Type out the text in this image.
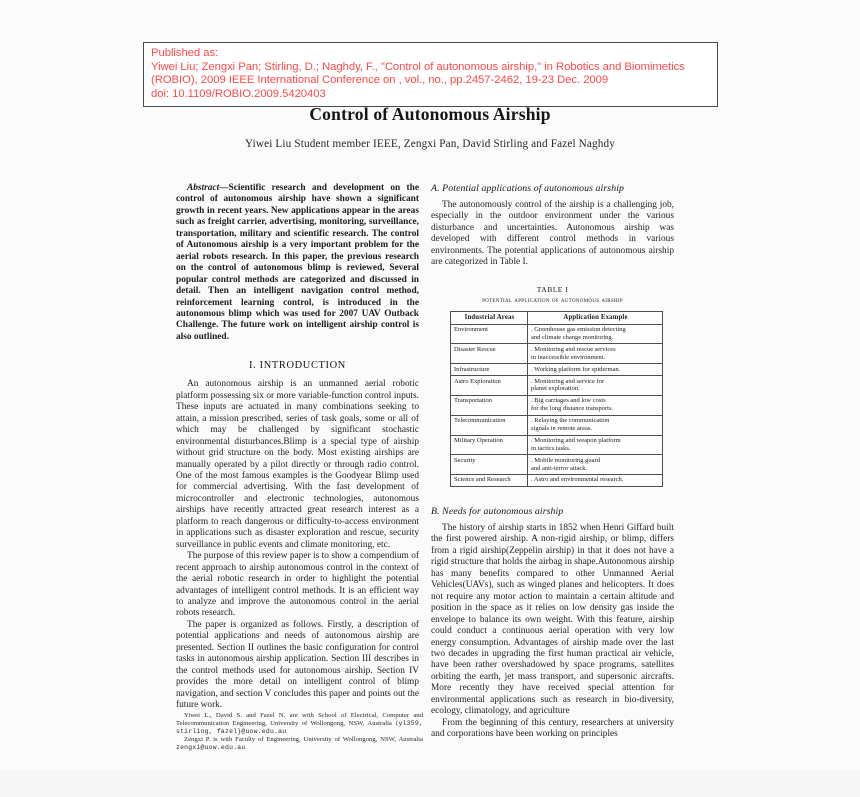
Published as:
Yiwei Liu; Zengxi Pan; Stirling, D.; Naghdy, F., "Control of autonomous airship," in Robotics and Biomimetics
(ROBIO), 2009 IEEE International Conference on , vol., no., pp.2457-2462, 19-23 Dec. 2009
doi: 10.1109/ROBIO.2009.5420403
Control of Autonomous Airship
Yiwei Liu Student member IEEE, Zengxi Pan, David Stirling and Fazel Naghdy

Abstract—Scientific research and development on the control of autonomous airship have shown a significant growth in recent years. New applications appear in the areas such as freight carrier, advertising, monitoring, surveillance, transportation, military and scientific research. The control of Autonomous airship is a very important problem for the aerial robots research. In this paper, the previous research on the control of autonomous blimp is reviewed, Several popular control methods are categorized and discussed in detail. Then an intelligent navigation control method, reinforcement learning control, is introduced in the autonomous blimp which was used for 2007 UAV Outback Challenge. The future work on intelligent airship control is also outlined.

I. INTRODUCTION

An autonomous airship is an unmanned aerial robotic platform possessing six or more variable-function control inputs. These inputs are actuated in many combinations seeking to attain, a mission prescribed, series of task goals, some or all of which may be challenged by significant stochastic environmental disturbances.Blimp is a special type of airship without grid structure on the body. Most existing airships are manually operated by a pilot directly or through radio control. One of the most famous examples is the Goodyear Blimp used for commercial advertising. With the fast development of microcontroller and electronic technologies, autonomous airships have recently attracted great research interest as a platform to reach dangerous or difficulty-to-access environment in applications such as disaster exploration and rescue, security surveillance in public events and climate monitoring, etc.

The purpose of this review paper is to show a compendium of recent approach to airship autonomous control in the context of the aerial robotic research in order to highlight the potential advantages of intelligent control methods. It is an efficient way to analyze and improve the autonomous control in the aerial robots research.

The paper is organized as follows. Firstly, a description of potential applications and needs of autonomous airship are presented. Section II outlines the basic configuration for control tasks in autonomous airship application. Section III describes in the control methods used for autonomous airship. Section IV provides the more detail on intelligent control of blimp navigation, and section V concludes this paper and points out the future work.

Yiwei L., David S. and Fazel N. are with School of Electrical, Computer and Telecommunication Engineering, University of Wollongong, NSW, Australia {yl359, stirling, fazel}@uow.edu.au

Zengxi P. is with Faculty of Engineering, University of Wollongong, NSW, Australia zengxi@uow.edu.au

A. Potential applications of autonomous airship

The autonomously control of the airship is a challenging job, especially in the outdoor environment under the various disturbance and uncertainties. Autonomous airship was developed with different control methods in various environments. The potential applications of autonomous airship are categorized in Table I.

TABLE I
potential application of autonomous airship
Industrial Areas	Application Example
Environment	. Greenhouse gas emission detecting
and climate change monitoring.

Disaster Rescue	. Monitoring and rescue services
in inaccessible environment.

Infrastructure	. Working platform for spiderman.

Astro Exploration	. Monitoring and service for
planet exploration.

Transportation	. Big carriages and low costs
for the long distance transports.

Telecommunication	. Relaying the communication
signals in remote areas.

Military Operation	. Monitoring and weapon platform
in tactics tasks.

Security	. Mobile monitoring guard
and anti-terror attack.

Science and Research	. Astro and environmental research.
B. Needs for autonomous airship

The history of airship starts in 1852 when Henri Giffard built the first powered airship. A non-rigid airship, or blimp, differs from a rigid airship(Zeppelin airship) in that it does not have a rigid structure that holds the airbag in shape.Autonomous airship has many benefits compared to other Unmanned Aerial Vehicles(UAVs), such as winged planes and helicopters. It does not require any motor action to maintain a certain altitude and position in the space as it relies on low density gas inside the envelope to balance its own weight. With this feature, airship could conduct a continuous aerial operation with very low energy consumption. Advantages of airship made over the last two decades in upgrading the first human practical air vehicle, have been rather overshadowed by space programs, satellites orbiting the earth, jet mass transport, and supersonic aircrafts. More recently they have received special attention for environmental applications such as research in bio-diversity, ecology, climatology, and agriculture

From the beginning of this century, researchers at university and corporations have been working on principles
